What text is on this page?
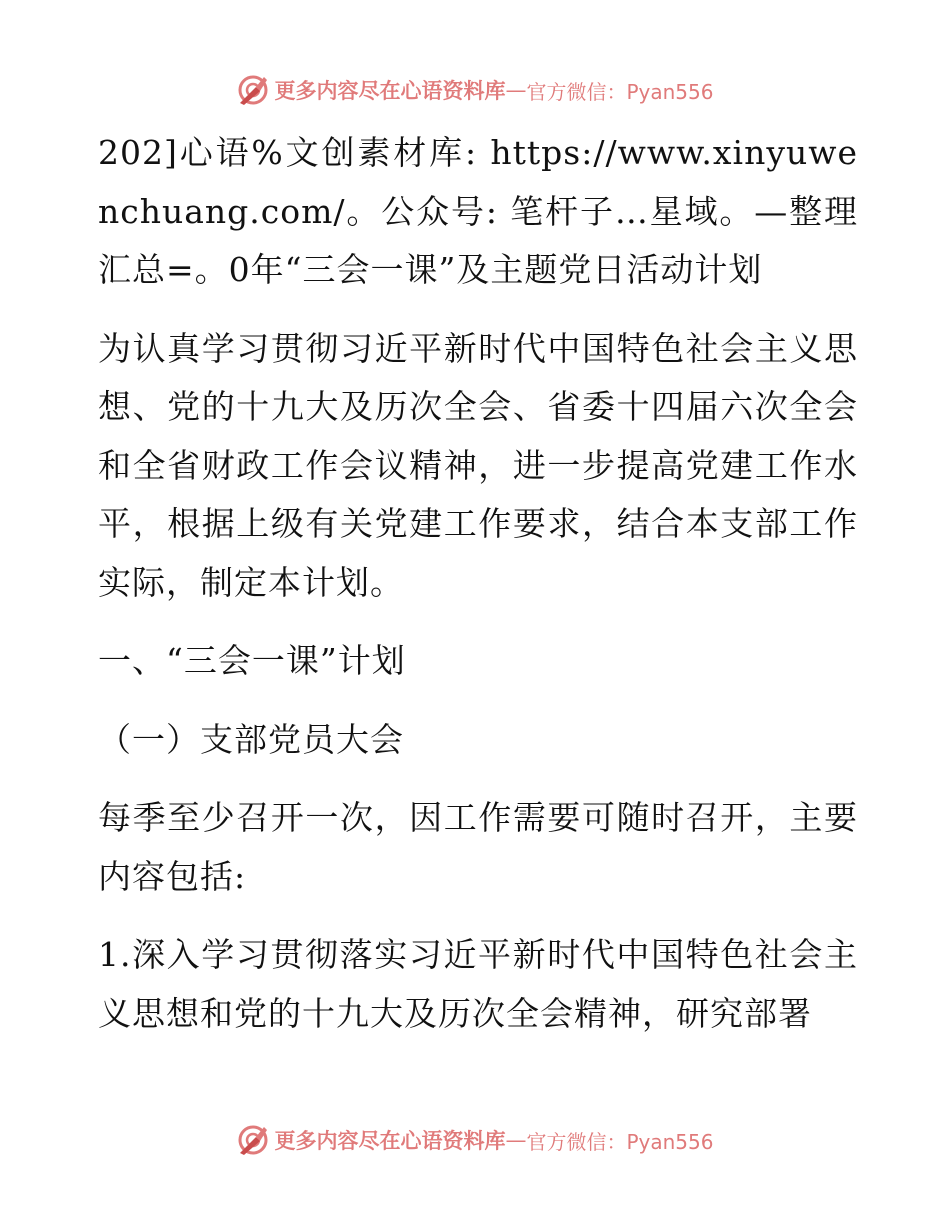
更多内容尽在心语资料库 — 官方微信：Pyan556

202]心语%文创素材库: https://www.xinyuwenchuang.com/。公众号: 笔杆子…星域。—整理汇总=。0年“三会一课”及主题党日活动计划

为认真学习贯彻习近平新时代中国特色社会主义思想、党的十九大及历次全会、省委十四届六次全会和全省财政工作会议精神，进一步提高党建工作水平，根据上级有关党建工作要求，结合本支部工作实际，制定本计划。

一、“三会一课”计划

（一）支部党员大会

每季至少召开一次，因工作需要可随时召开，主要内容包括:

1.深入学习贯彻落实习近平新时代中国特色社会主义思想和党的十九大及历次全会精神，研究部署

更多内容尽在心语资料库 — 官方微信：Pyan556
